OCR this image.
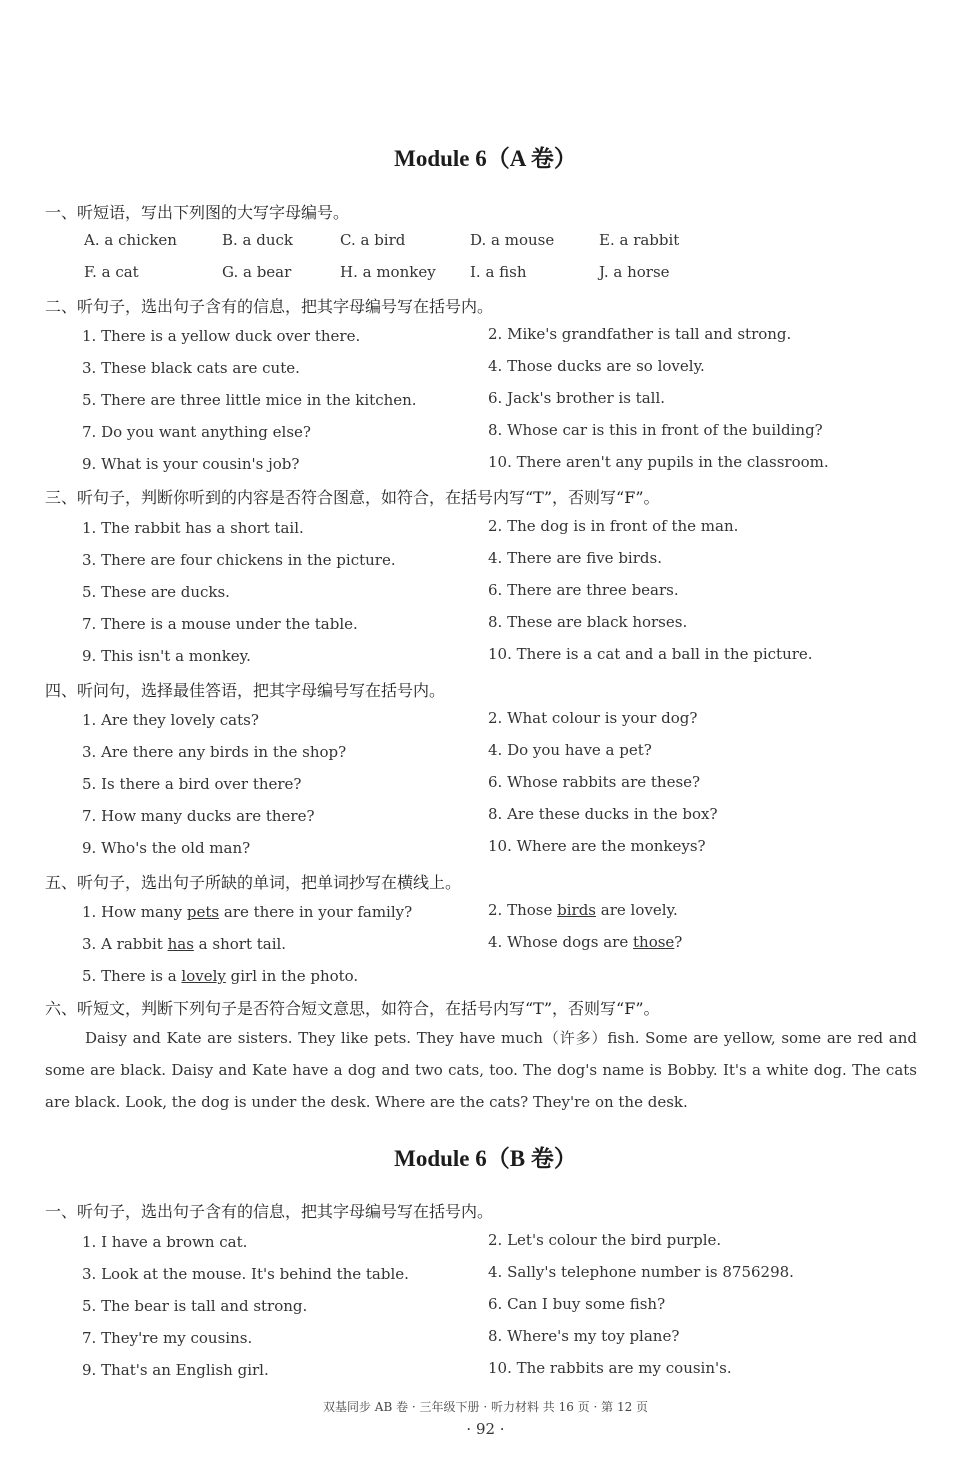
Module 6（A 卷）
一、听短语，写出下列图的大写字母编号。
A. a chicken	B. a duck	C. a bird	D. a mouse	E. a rabbit
F. a cat	G. a bear	H. a monkey I. a fish	J. a horse
二、听句子，选出句子含有的信息，把其字母编号写在括号内。
1. There is a yellow duck over there.	2. Mike's grandfather is tall and strong.
3. These black cats are cute.	4. Those ducks are so lovely.
5. There are three little mice in the kitchen.	6. Jack's brother is tall.
7. Do you want anything else?	8. Whose car is this in front of the building?
9. What is your cousin's job?	10. There aren't any pupils in the classroom.
三、听句子，判断你听到的内容是否符合图意，如符合，在括号内写“T”，否则写“F”。
1. The rabbit has a short tail.	2. The dog is in front of the man.
3. There are four chickens in the picture.	4. There are five birds.
5. These are ducks.	6. There are three bears.
7. There is a mouse under the table.	8. These are black horses.
9. This isn't a monkey.	10. There is a cat and a ball in the picture.
四、听问句，选择最佳答语，把其字母编号写在括号内。
1. Are they lovely cats?	2. What colour is your dog?
3. Are there any birds in the shop?	4. Do you have a pet?
5. Is there a bird over there?	6. Whose rabbits are these?
7. How many ducks are there?	8. Are these ducks in the box?
9. Who's the old man?	10. Where are the monkeys?
五、听句子，选出句子所缺的单词，把单词抄写在横线上。
1. How many pets are there in your family?	2. Those birds are lovely.
3. A rabbit has a short tail.	4. Whose dogs are those?
5. There is a lovely girl in the photo.
六、听短文，判断下列句子是否符合短文意思，如符合，在括号内写“T”，否则写“F”。
Daisy and Kate are sisters. They like pets. They have much（许多）fish. Some are yellow, some are red and some are black. Daisy and Kate have a dog and two cats, too. The dog's name is Bobby. It's a white dog. The cats are black. Look, the dog is under the desk. Where are the cats? They're on the desk.
Module 6（B 卷）
一、听句子，选出句子含有的信息，把其字母编号写在括号内。
1. I have a brown cat.	2. Let's colour the bird purple.
3. Look at the mouse. It's behind the table.	4. Sally's telephone number is 8756298.
5. The bear is tall and strong.	6. Can I buy some fish?
7. They're my cousins.	8. Where's my toy plane?
9. That's an English girl.	10. The rabbits are my cousin's.
双基同步 AB 卷 · 三年级下册 · 听力材料 共 16 页 · 第 12 页
· 92 ·
